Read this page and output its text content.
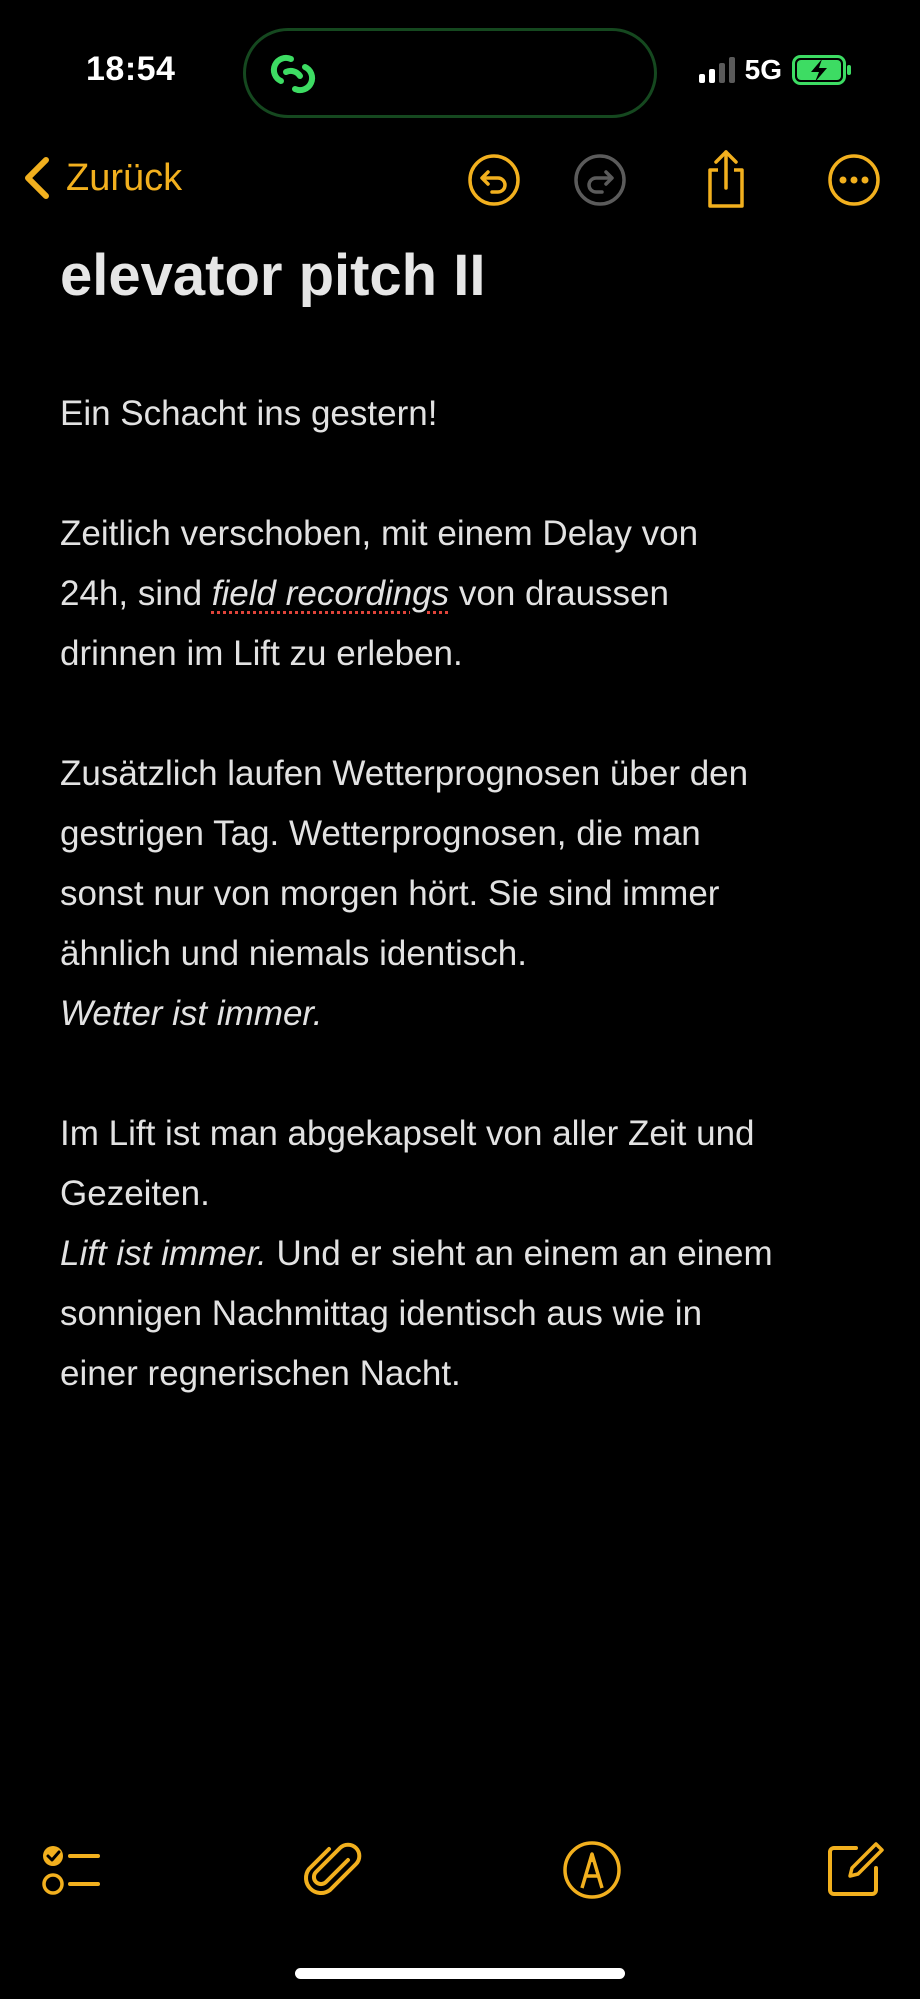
18:54	5G
Zurück
elevator pitch II

Ein Schacht ins gestern!

Zeitlich verschoben, mit einem Delay von
24h, sind field recordings von draussen
drinnen im Lift zu erleben.

Zusätzlich laufen Wetterprognosen über den
gestrigen Tag. Wetterprognosen, die man
sonst nur von morgen hört. Sie sind immer
ähnlich und niemals identisch.
Wetter ist immer.

Im Lift ist man abgekapselt von aller Zeit und
Gezeiten.
Lift ist immer. Und er sieht an einem an einem
sonnigen Nachmittag identisch aus wie in
einer regnerischen Nacht.
